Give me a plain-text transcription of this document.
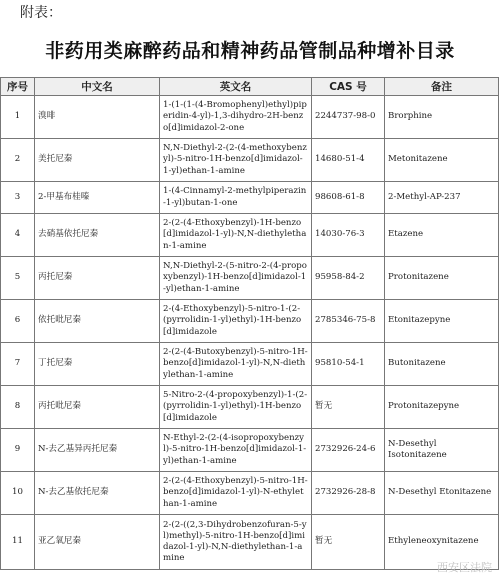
附表：
非药用类麻醉药品和精神药品管制品种增补目录
序号	中文名	英文名	CAS 号	备注
1	溴啡	1-(1-(1-(4-Bromophenyl)ethyl)piperidin-4-yl)-1,3-dihydro-2H-benzo[d]imidazol-2-one	2244737-98-0	Brorphine
2	美托尼秦	N,N-Diethyl-2-(2-(4-methoxybenzyl)-5-nitro-1H-benzo[d]imidazol-1-yl)ethan-1-amine	14680-51-4	Metonitazene
3	2-甲基布桂嗪	1-(4-Cinnamyl-2-methylpiperazin-1-yl)butan-1-one	98608-61-8	2-Methyl-AP-237
4	去硝基依托尼秦	2-(2-(4-Ethoxybenzyl)-1H-benzo[d]imidazol-1-yl)-N,N-diethylethan-1-amine	14030-76-3	Etazene
5	丙托尼秦	N,N-Diethyl-2-(5-nitro-2-(4-propoxybenzyl)-1H-benzo[d]imidazol-1-yl)ethan-1-amine	95958-84-2	Protonitazene
6	依托吡尼秦	2-(4-Ethoxybenzyl)-5-nitro-1-(2-(pyrrolidin-1-yl)ethyl)-1H-benzo[d]imidazole	2785346-75-8	Etonitazepyne
7	丁托尼秦	2-(2-(4-Butoxybenzyl)-5-nitro-1H-benzo[d]imidazol-1-yl)-N,N-diethylethan-1-amine	95810-54-1	Butonitazene
8	丙托吡尼秦	5-Nitro-2-(4-propoxybenzyl)-1-(2-(pyrrolidin-1-yl)ethyl)-1H-benzo[d]imidazole	暂无	Protonitazepyne
9	N-去乙基异丙托尼秦	N-Ethyl-2-(2-(4-isopropoxybenzyl)-5-nitro-1H-benzo[d]imidazol-1-yl)ethan-1-amine	2732926-24-6	N-Desethyl Isotonitazene
10	N-去乙基依托尼秦	2-(2-(4-Ethoxybenzyl)-5-nitro-1H-benzo[d]imidazol-1-yl)-N-ethylethan-1-amine	2732926-28-8	N-Desethyl Etonitazene
11	亚乙氧尼秦	2-(2-((2,3-Dihydrobenzofuran-5-yl)methyl)-5-nitro-1H-benzo[d]imidazol-1-yl)-N,N-diethylethan-1-amine	暂无	Ethyleneoxynitazene
西安区法院
